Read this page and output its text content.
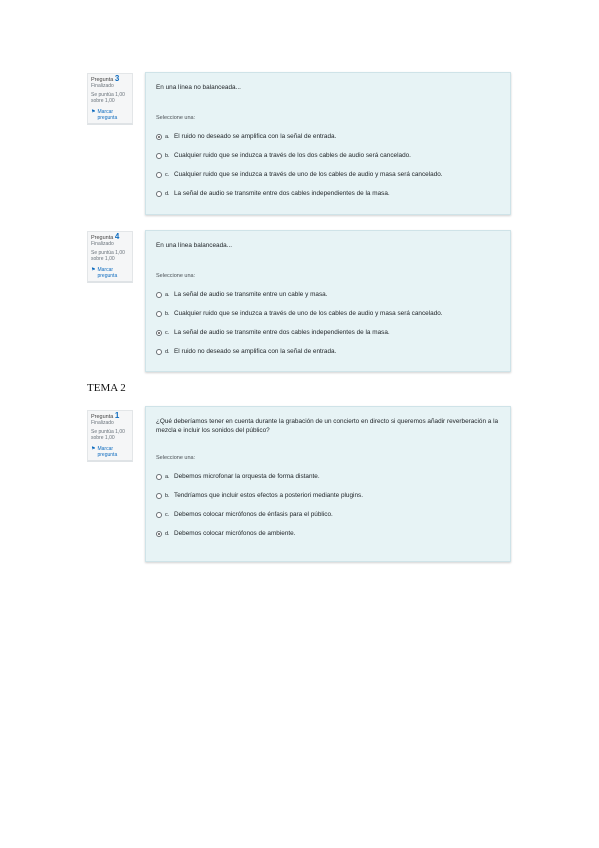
Pregunta 3
Finalizado
Se puntúa 1,00 sobre 1,00
⚑ Marcar pregunta
En una línea no balanceada...
Seleccione una:
a. El ruido no deseado se amplifica con la señal de entrada.
b. Cualquier ruido que se induzca a través de los dos cables de audio será cancelado.
c. Cualquier ruido que se induzca a través de uno de los cables de audio y masa será cancelado.
d. La señal de audio se transmite entre dos cables independientes de la masa.
Pregunta 4
Finalizado
Se puntúa 1,00 sobre 1,00
⚑ Marcar pregunta
En una línea balanceada...
Seleccione una:
a. La señal de audio se transmite entre un cable y masa.
b. Cualquier ruido que se induzca a través de uno de los cables de audio y masa será cancelado.
c. La señal de audio se transmite entre dos cables independientes de la masa.
d. El ruido no deseado se amplifica con la señal de entrada.
TEMA 2
Pregunta 1
Finalizado
Se puntúa 1,00 sobre 1,00
⚑ Marcar pregunta
¿Qué deberíamos tener en cuenta durante la grabación de un concierto en directo si queremos añadir reverberación a la mezcla e incluir los sonidos del público?
Seleccione una:
a. Debemos microfonar la orquesta de forma distante.
b. Tendríamos que incluir estos efectos a posteriori mediante plugins.
c. Debemos colocar micrófonos de énfasis para el público.
d. Debemos colocar micrófonos de ambiente.
